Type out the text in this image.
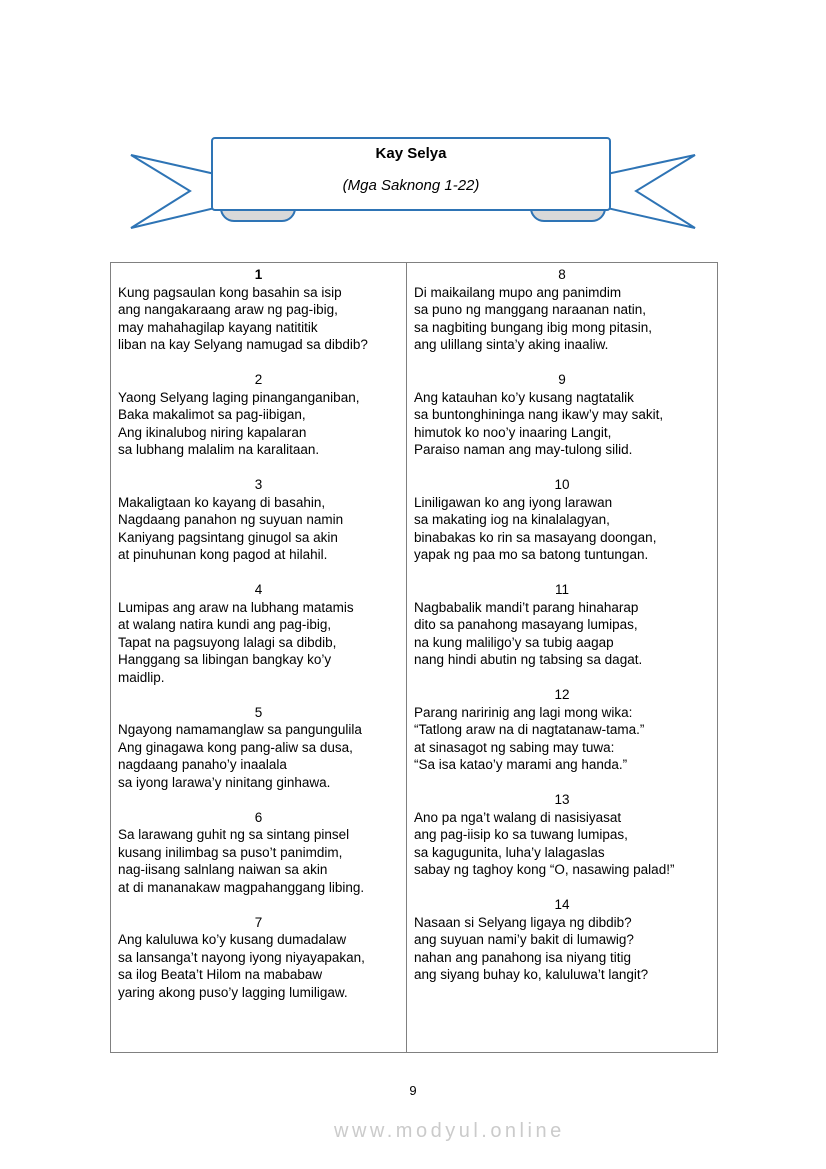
Kay Selya
(Mga Saknong 1-22)
1
Kung pagsaulan kong basahin sa isip
ang nangakaraang araw ng pag-ibig,
may mahahagilap kayang natititik
liban na kay Selyang namugad sa dibdib?
2
Yaong Selyang laging pinanganganiban,
Baka makalimot sa pag-iibigan,
Ang ikinalubog niring kapalaran
sa lubhang malalim na karalitaan.
3
Makaligtaan ko kayang di basahin,
Nagdaang panahon ng suyuan namin
Kaniyang pagsintang ginugol sa akin
at pinuhunan kong pagod at hilahil.
4
Lumipas ang araw na lubhang matamis
at walang natira kundi ang pag-ibig,
Tapat na pagsuyong lalagi sa dibdib,
Hanggang sa libingan bangkay ko’y
maidlip.
5
Ngayong namamanglaw sa pangungulila
Ang ginagawa kong pang-aliw sa dusa,
nagdaang panaho’y inaalala
sa iyong larawa’y ninitang ginhawa.
6
Sa larawang guhit ng sa sintang pinsel
kusang inilimbag sa puso’t panimdim,
nag-iisang salnlang naiwan sa akin
at di mananakaw magpahanggang libing.
7
Ang kaluluwa ko’y kusang dumadalaw
sa lansanga’t nayong iyong niyayapakan,
sa ilog Beata’t Hilom na mababaw
yaring akong puso’y lagging lumiligaw.
8
Di maikailang mupo ang panimdim
sa puno ng manggang naraanan natin,
sa nagbiting bungang ibig mong pitasin,
ang ulillang sinta’y aking inaaliw.
9
Ang katauhan ko’y kusang nagtatalik
sa buntonghininga nang ikaw’y may sakit,
himutok ko noo’y inaaring Langit,
Paraiso naman ang may-tulong silid.
10
Liniligawan ko ang iyong larawan
sa makating iog na kinalalagyan,
binabakas ko rin sa masayang doongan,
yapak ng paa mo sa batong tuntungan.
11
Nagbabalik mandi’t parang hinaharap
dito sa panahong masayang lumipas,
na kung maliligo’y sa tubig aagap
nang hindi abutin ng tabsing sa dagat.
12
Parang naririnig ang lagi mong wika:
“Tatlong araw na di nagtatanaw-tama.”
at sinasagot ng sabing may tuwa:
“Sa isa katao’y marami ang handa.”
13
Ano pa nga’t walang di nasisiyasat
ang pag-iisip ko sa tuwang lumipas,
sa kagugunita, luha’y lalagaslas
sabay ng taghoy kong “O, nasawing palad!”
14
Nasaan si Selyang ligaya ng dibdib?
ang suyuan nami’y bakit di lumawig?
nahan ang panahong isa niyang titig
ang siyang buhay ko, kaluluwa’t langit?
9
www.modyul.online
